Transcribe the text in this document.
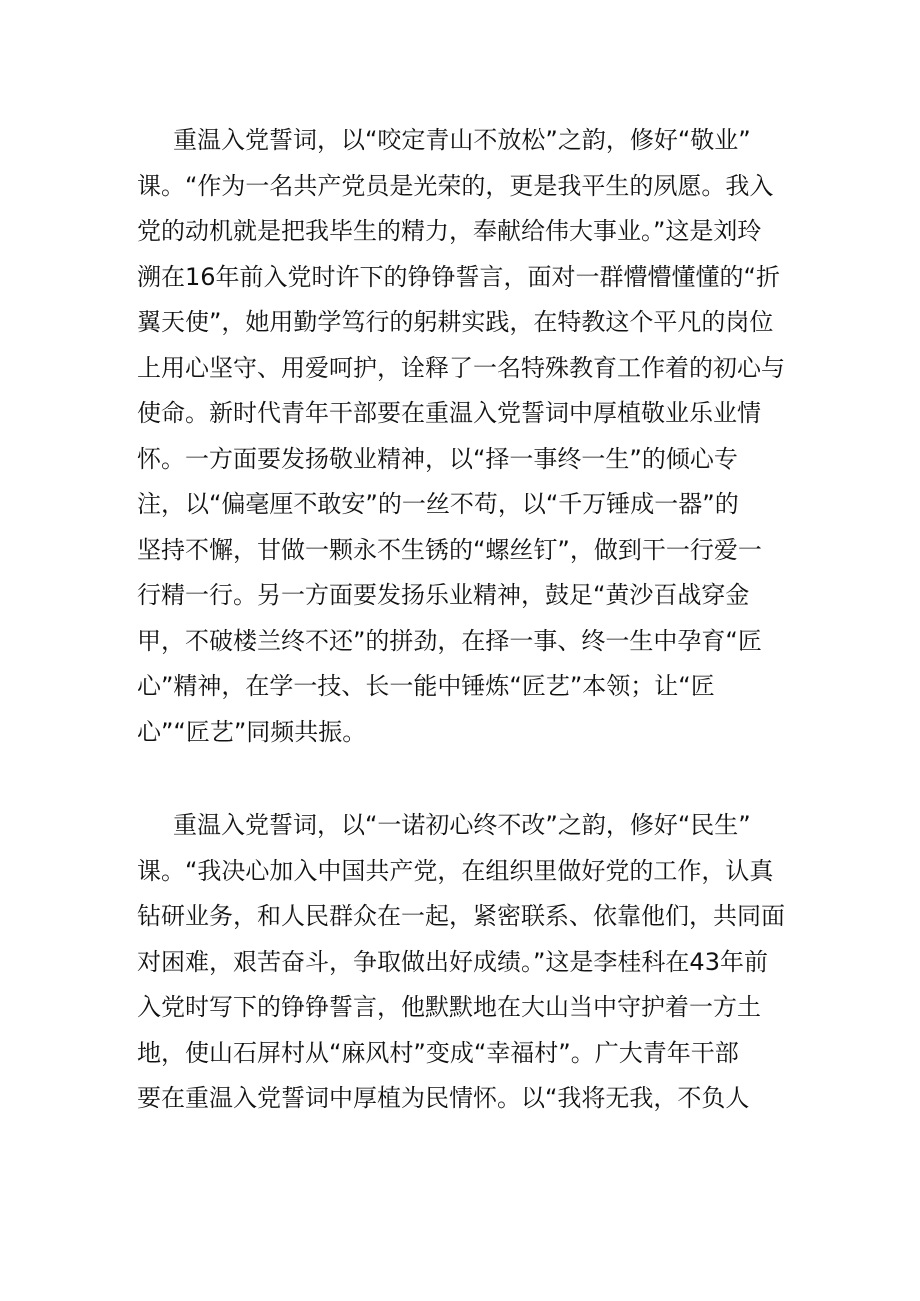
重温入党誓词，以“咬定青山不放松”之韵，修好“敬业”
课。“作为一名共产党员是光荣的，更是我平生的夙愿。我入
党的动机就是把我毕生的精力，奉献给伟大事业。”这是刘玲
溯在16年前入党时许下的铮铮誓言，面对一群懵懵懂懂的“折
翼天使”，她用勤学笃行的躬耕实践，在特教这个平凡的岗位
上用心坚守、用爱呵护，诠释了一名特殊教育工作着的初心与
使命。新时代青年干部要在重温入党誓词中厚植敬业乐业情
怀。一方面要发扬敬业精神，以“择一事终一生”的倾心专
注，以“偏毫厘不敢安”的一丝不苟，以“千万锤成一器”的
坚持不懈，甘做一颗永不生锈的“螺丝钉”，做到干一行爱一
行精一行。另一方面要发扬乐业精神，鼓足“黄沙百战穿金
甲，不破楼兰终不还”的拼劲，在择一事、终一生中孕育“匠
心”精神，在学一技、长一能中锤炼“匠艺”本领；让“匠
心”“匠艺”同频共振。
重温入党誓词，以“一诺初心终不改”之韵，修好“民生”
课。“我决心加入中国共产党，在组织里做好党的工作，认真
钻研业务，和人民群众在一起，紧密联系、依靠他们，共同面
对困难，艰苦奋斗，争取做出好成绩。”这是李桂科在43年前
入党时写下的铮铮誓言，他默默地在大山当中守护着一方土
地，使山石屏村从“麻风村”变成“幸福村”。广大青年干部
要在重温入党誓词中厚植为民情怀。以“我将无我，不负人
